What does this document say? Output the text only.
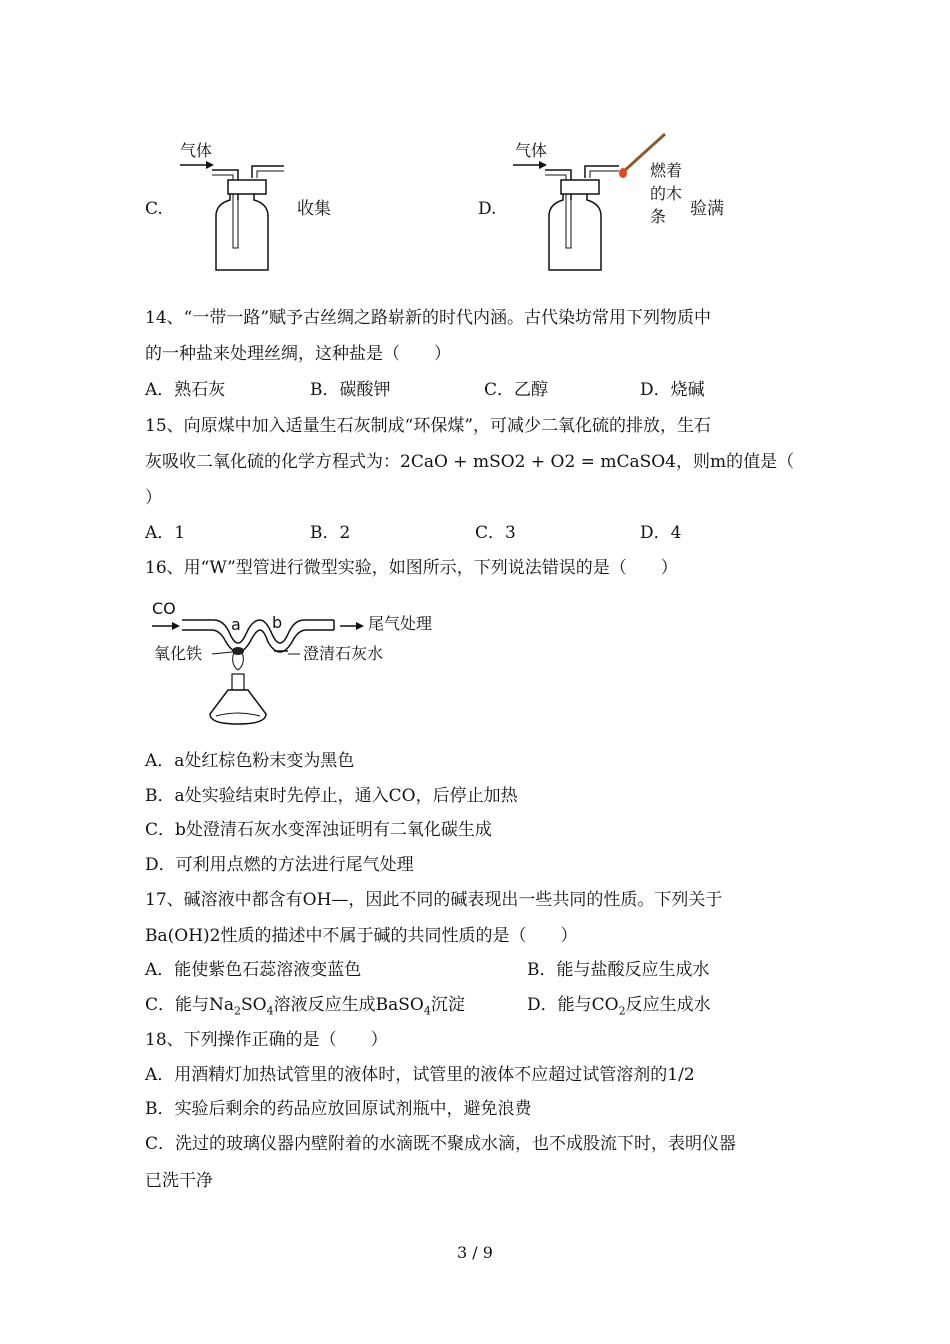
C.
气体
收集	D.
气体
燃着
的木
条 验满
14、“一带一路”赋予古丝绸之路崭新的时代内涵。古代染坊常用下列物质中
的一种盐来处理丝绸，这种盐是（　　）
A．熟石灰	B．碳酸钾	C．乙醇	D．烧碱
15、向原煤中加入适量生石灰制成“环保煤”，可减少二氧化硫的排放，生石
灰吸收二氧化硫的化学方程式为：2CaO + mSO2 + O2 = mCaSO4，则m的值是（
）
A．1	B．2	C．3	D．4
16、用“W”型管进行微型实验，如图所示，下列说法错误的是（　　）
CO
a b	尾气处理
氧化铁	澄清石灰水
A．a处红棕色粉末变为黑色
B．a处实验结束时先停止，通入CO，后停止加热
C．b处澄清石灰水变浑浊证明有二氧化碳生成
D．可利用点燃的方法进行尾气处理
17、碱溶液中都含有OH—，因此不同的碱表现出一些共同的性质。下列关于
Ba(OH)2性质的描述中不属于碱的共同性质的是（　　）
A．能使紫色石蕊溶液变蓝色	B．能与盐酸反应生成水
C．能与$Na_2SO_4$溶液反应生成BaSO$_4$沉淀	D．能与$CO_2$反应生成水
18、下列操作正确的是（　　）
A．用酒精灯加热试管里的液体时，试管里的液体不应超过试管溶剂的1/2
B．实验后剩余的药品应放回原试剂瓶中，避免浪费
C．洗过的玻璃仪器内壁附着的水滴既不聚成水滴，也不成股流下时，表明仪器
已洗干净
3 / 9
